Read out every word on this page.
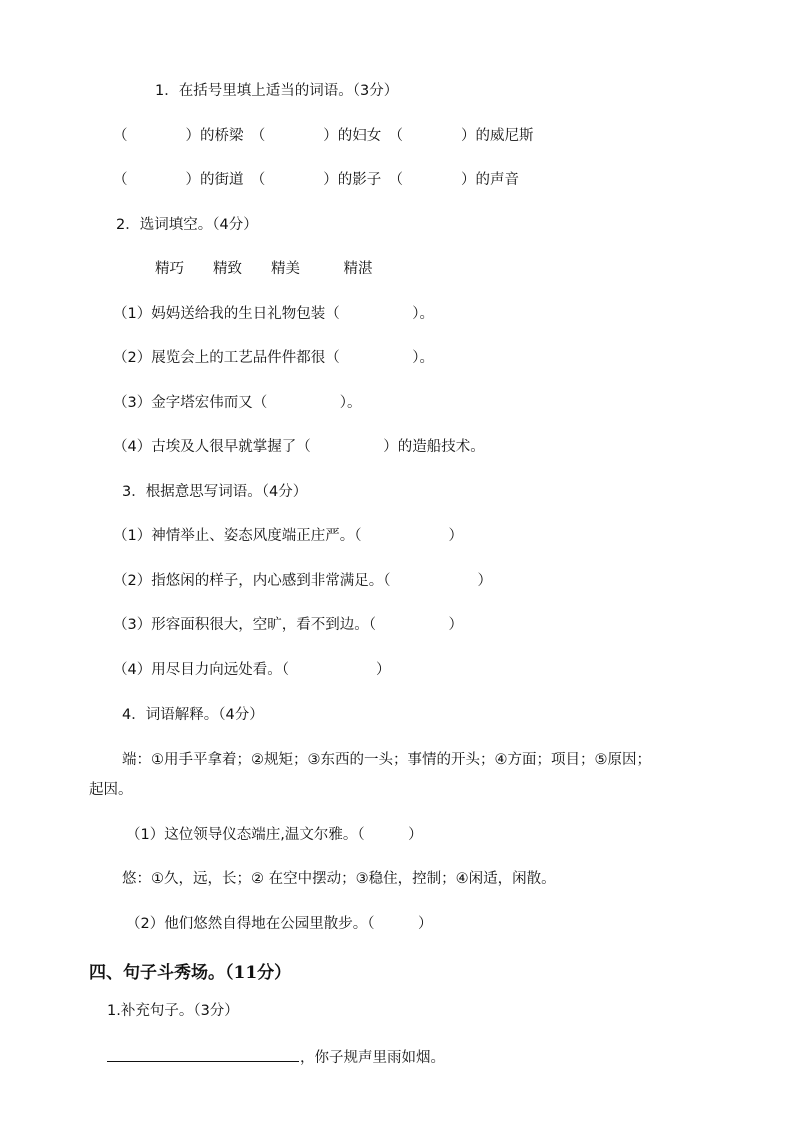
1．在括号里填上适当的词语。（3分）
（　　　　）的桥梁　（　　　　）的妇女　（　　　　）的威尼斯
（　　　　）的街道　（　　　　）的影子　（　　　　）的声音
2．选词填空。（4分）
精巧　　精致　　精美　　　精湛
（1）妈妈送给我的生日礼物包装（　　　　　）。
（2）展览会上的工艺品件件都很（　　　　　）。
（3）金字塔宏伟而又（　　　　　）。
（4）古埃及人很早就掌握了（　　　　　）的造船技术。
3．根据意思写词语。（4分）
（1）神情举止、姿态风度端正庄严。（　　　　　　）
（2）指悠闲的样子，内心感到非常满足。（　　　　　　）
（3）形容面积很大，空旷，看不到边。（　　　　　）
（4）用尽目力向远处看。（　　　　　　）
4．词语解释。（4分）
端：①用手平拿着；②规矩；③东西的一头；事情的开头；④方面；项目；⑤原因；
起因。
（1）这位领导仪态端庄,温文尔雅。（　　　）
悠：①久，远，长；② 在空中摆动；③稳住，控制；④闲适，闲散。
（2）他们悠然自得地在公园里散步。（　　　）
四、句子斗秀场。（11分）
1.补充句子。（3分）
，你子规声里雨如烟。
